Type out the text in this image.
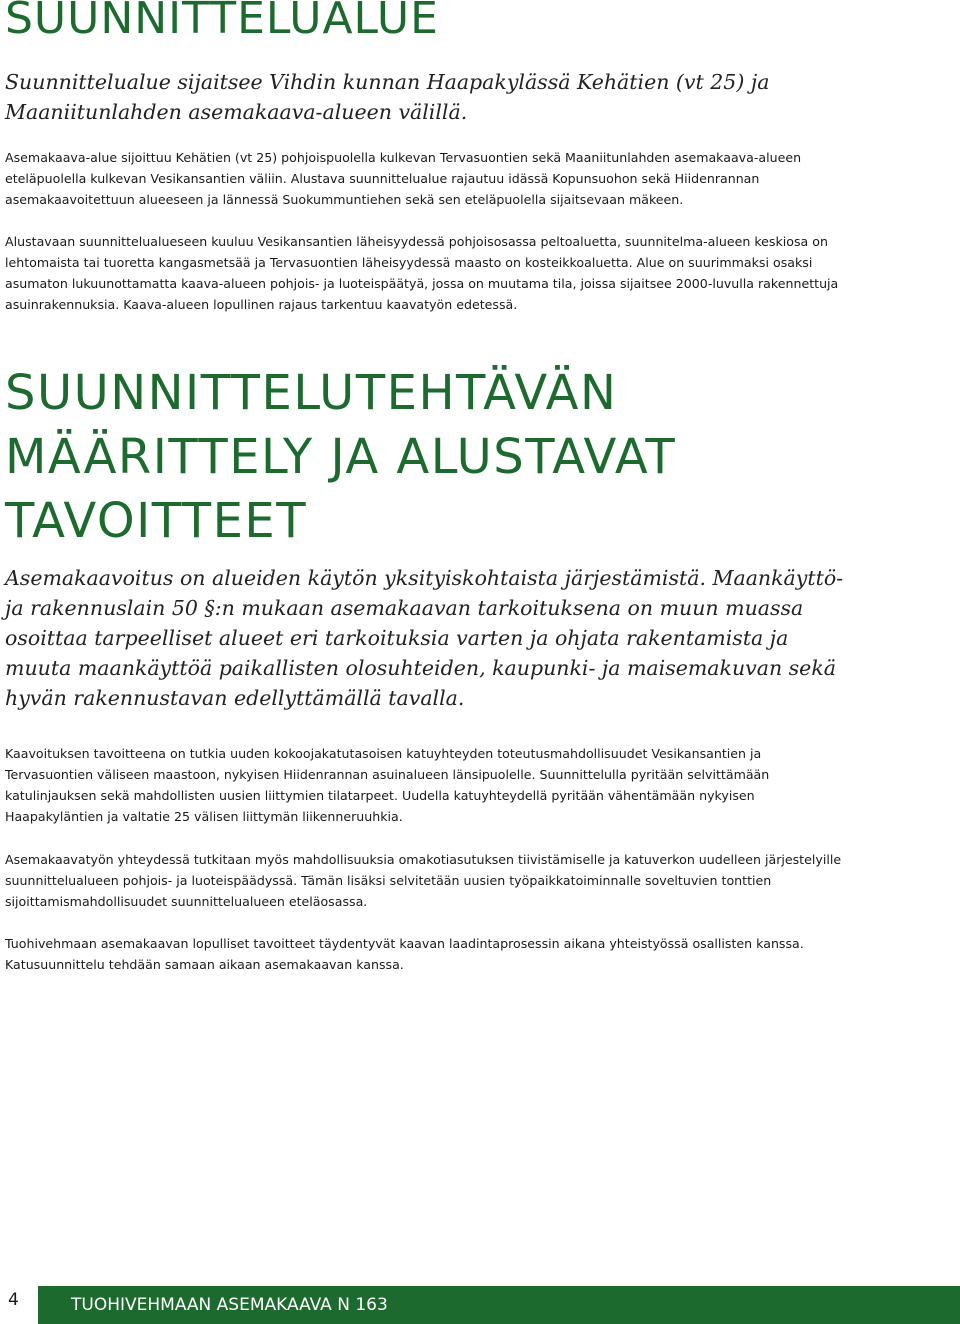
SUUNNITTELUALUE

Suunnittelualue sijaitsee Vihdin kunnan Haapakylässä Kehätien (vt 25) ja Maaniitunlahden asemakaava-alueen välillä.

Asemakaava-alue sijoittuu Kehätien (vt 25) pohjoispuolella kulkevan Tervasuontien sekä Maaniitunlahden asemakaava-alueen eteläpuolella kulkevan Vesikansantien väliin. Alustava suunnittelualue rajautuu idässä Kopunsuohon sekä Hiidenrannan asemakaavoitettuun alueeseen ja lännessä Suokummuntiehen sekä sen eteläpuolella sijaitsevaan mäkeen.

Alustavaan suunnittelualueseen kuuluu Vesikansantien läheisyydessä pohjoisosassa peltoaluetta, suunnitelma-alueen keskiosa on lehtomaista tai tuoretta kangasmetsää ja Tervasuontien läheisyydessä maasto on kosteikkoaluetta. Alue on suurimmaksi osaksi asumaton lukuunottamatta kaava-alueen pohjois- ja luoteispäätyä, jossa on muutama tila, joissa sijaitsee 2000-luvulla rakennettuja asuinrakennuksia. Kaava-alueen lopullinen rajaus tarkentuu kaavatyön edetessä.

SUUNNITTELUTEHTÄVÄN MÄÄRITTELY JA ALUSTAVAT TAVOITTEET

Asemakaavoitus on alueiden käytön yksityiskohtaista järjestämistä. Maankäyttö- ja rakennuslain 50 §:n mukaan asemakaavan tarkoituksena on muun muassa osoittaa tarpeelliset alueet eri tarkoituksia varten ja ohjata rakentamista ja muuta maankäyttöä paikallisten olosuhteiden, kaupunki- ja maisemakuvan sekä hyvän rakennustavan edellyttämällä tavalla.

Kaavoituksen tavoitteena on tutkia uuden kokoojakatutasoisen katuyhteyden toteutusmahdollisuudet Vesikansantien ja Tervasuontien väliseen maastoon, nykyisen Hiidenrannan asuinalueen länsipuolelle. Suunnittelulla pyritään selvittämään katulinjauksen sekä mahdollisten uusien liittymien tilatarpeet. Uudella katuyhteydellä pyritään vähentämään nykyisen Haapakyläntien ja valtatie 25 välisen liittymän liikenneruuhkia.

Asemakaavatyön yhteydessä tutkitaan myös mahdollisuuksia omakotiasutuksen tiivistämiselle ja katuverkon uudelleen järjestelyille suunnittelualueen pohjois- ja luoteispäädyssä. Tämän lisäksi selvitetään uusien työpaikkatoiminnalle soveltuvien tonttien sijoittamismahdollisuudet suunnittelualueen eteläosassa.

Tuohivehmaan asemakaavan lopulliset tavoitteet täydentyvät kaavan laadintaprosessin aikana yhteistyössä osallisten kanssa. Katusuunnittelu tehdään samaan aikaan asemakaavan kanssa.

4	TUOHIVEHMAAN ASEMAKAAVA N 163
